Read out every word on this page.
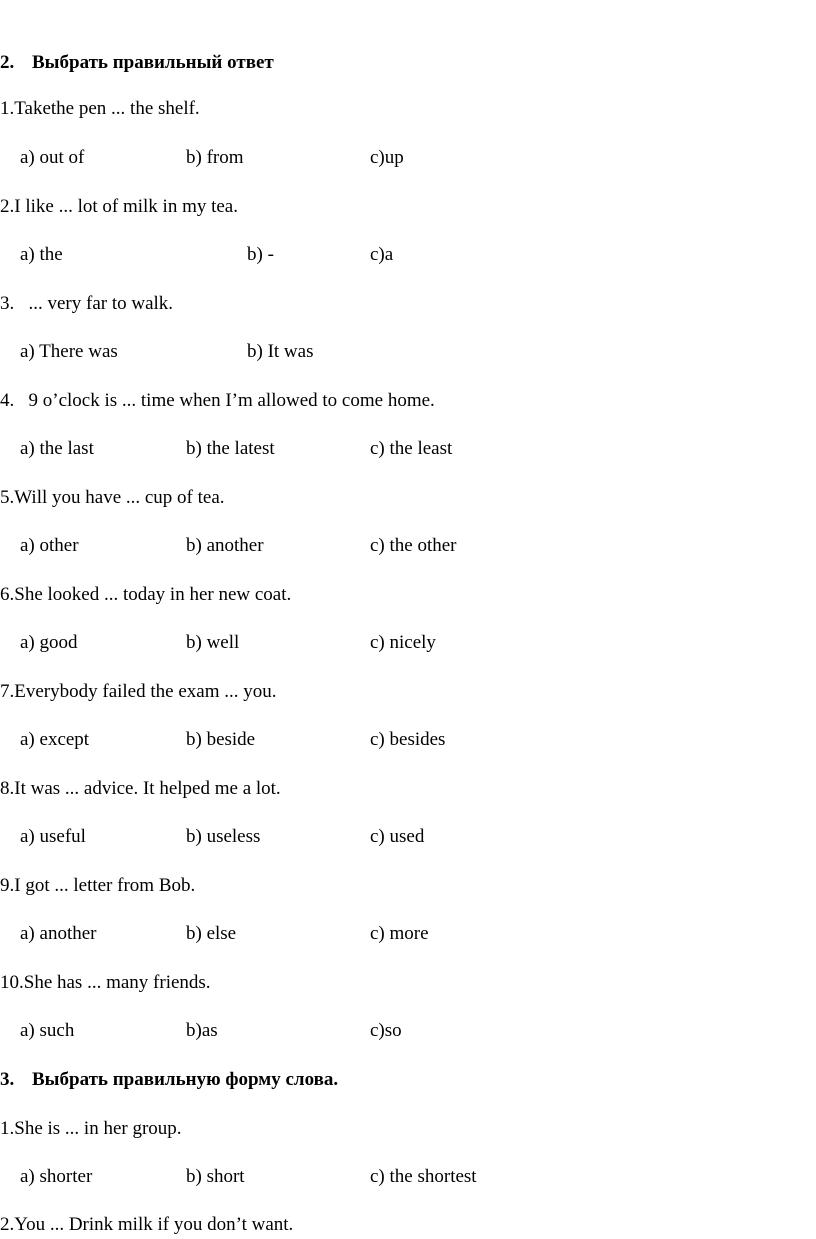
2. Выбрать правильный ответ
1.Takethe pen ... the shelf.
a) out of	b) from	c)up
2.I like ... lot of milk in my tea.
a) the	b) -	c)a
3.   ... very far to walk.
a) There was	b) It was
4.   9 o’clock is ... time when I’m allowed to come home.
a) the last	b) the latest	c) the least
5.Will you have ... cup of tea.
a) other	b) another	c) the other
6.She looked ... today in her new coat.
a) good	b) well	c) nicely
7.Everybody failed the exam ... you.
a) except	b) beside	c) besides
8.It was ... advice. It helped me a lot.
a) useful	b) useless	c) used
9.I got ... letter from Bob.
a) another	b) else	c) more
10.She has ... many friends.
a) such	b)as	c)so
3. Выбрать правильную форму слова.
1.She is ... in her group.
a) shorter	b) short	c) the shortest
2.You ... Drink milk if you don’t want.
